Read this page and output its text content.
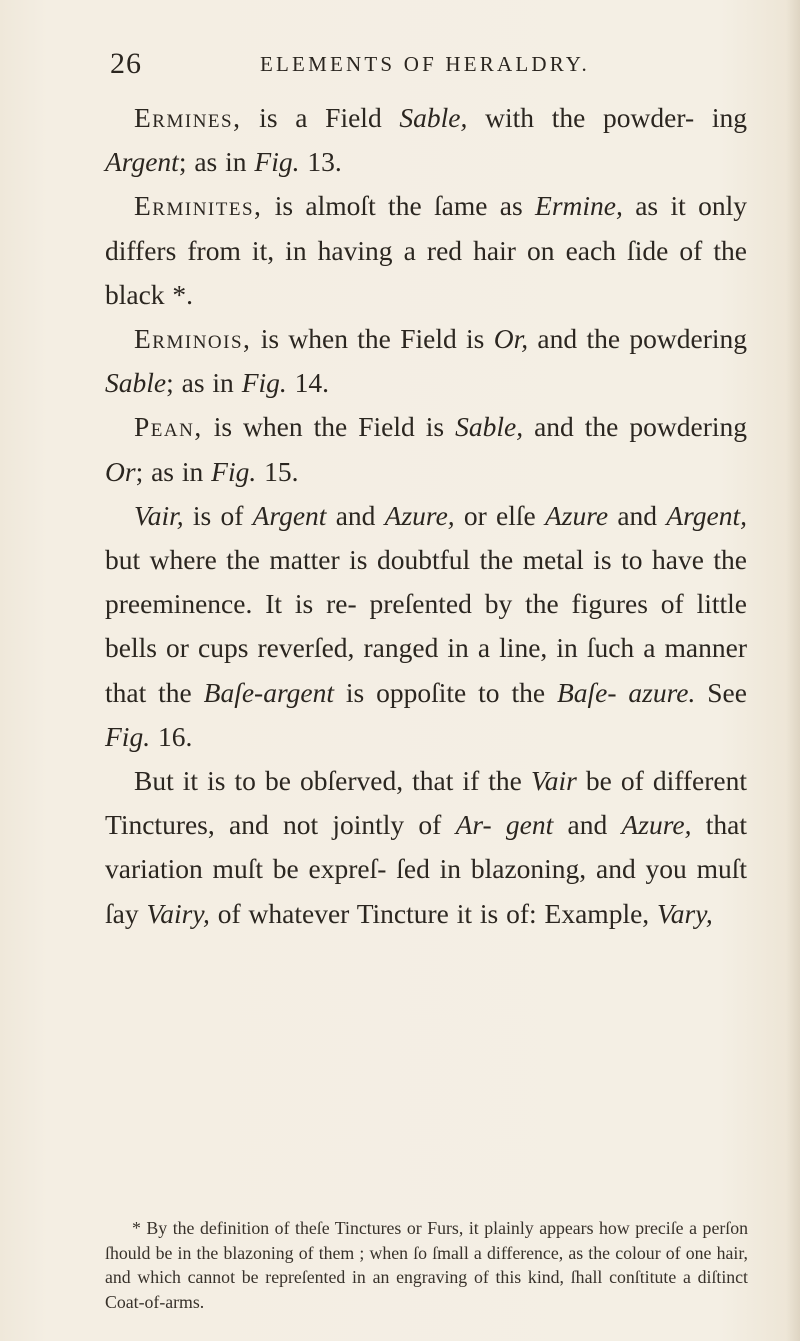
26	ELEMENTS OF HERALDRY.

Ermines, is a Field Sable, with the powder- ing Argent; as in Fig. 13.

Erminites, is almoſt the ſame as Ermine, as it only differs from it, in having a red hair on each ſide of the black *.

Erminois, is when the Field is Or, and the powdering Sable; as in Fig. 14.

Pean, is when the Field is Sable, and the powdering Or; as in Fig. 15.

Vair, is of Argent and Azure, or elſe Azure and Argent, but where the matter is doubtful the metal is to have the preeminence. It is re- preſented by the figures of little bells or cups reverſed, ranged in a line, in ſuch a manner that the Baſe-argent is oppoſite to the Baſe- azure. See Fig. 16.

But it is to be obſerved, that if the Vair be of different Tinctures, and not jointly of Ar- gent and Azure, that variation muſt be expreſ- ſed in blazoning, and you muſt ſay Vairy, of whatever Tincture it is of: Example, Vary,

* By the definition of theſe Tinctures or Furs, it plainly appears how preciſe a perſon ſhould be in the blazoning of them ; when ſo ſmall a difference, as the colour of one hair, and which cannot be repreſented in an engraving of this kind, ſhall conſtitute a diſtinct Coat-of-arms.
